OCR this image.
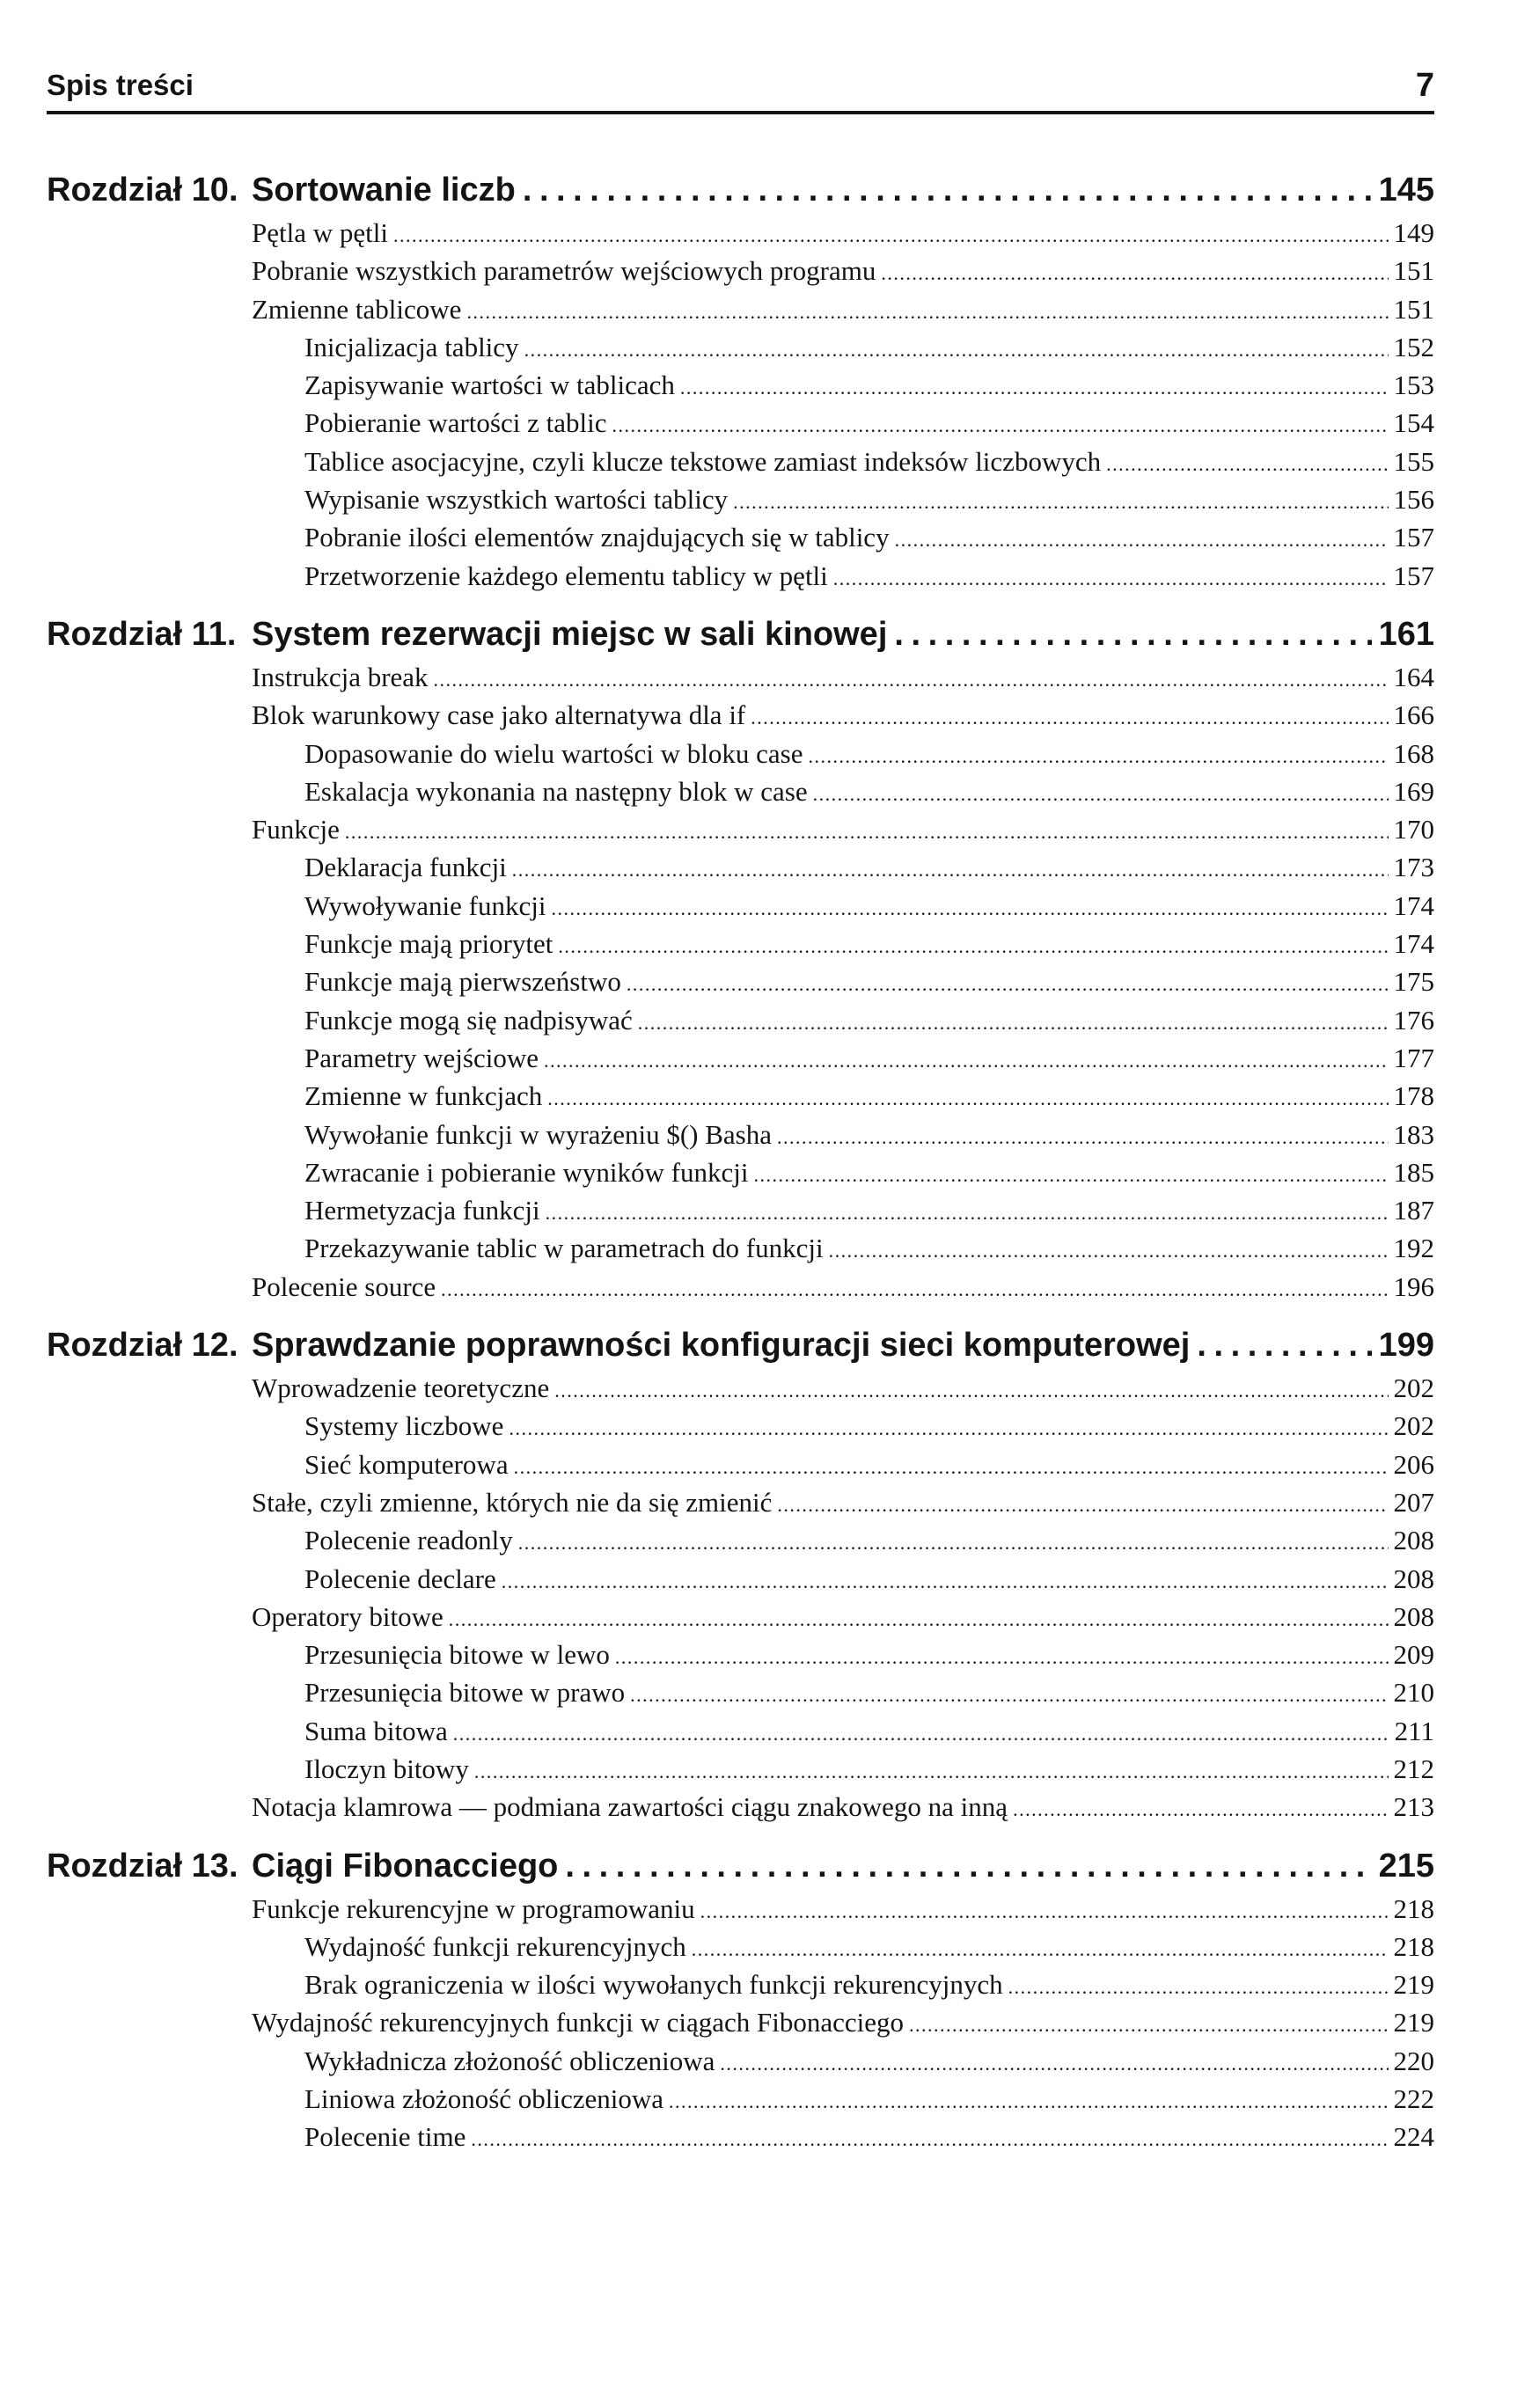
Spis treści	7
Rozdział 10. Sortowanie liczb . . .	145
Pętla w pętli . . .	149
Pobranie wszystkich parametrów wejściowych programu . . .	151
Zmienne tablicowe . . .	151
Inicjalizacja tablicy . . .	152
Zapisywanie wartości w tablicach . . .	153
Pobieranie wartości z tablic . . .	154
Tablice asocjacyjne, czyli klucze tekstowe zamiast indeksów liczbowych . . .	155
Wypisanie wszystkich wartości tablicy . . .	156
Pobranie ilości elementów znajdujących się w tablicy . . .	157
Przetworzenie każdego elementu tablicy w pętli . . .	157
Rozdział 11. System rezerwacji miejsc w sali kinowej . . .	161
Instrukcja break . . .	164
Blok warunkowy case jako alternatywa dla if . . .	166
Dopasowanie do wielu wartości w bloku case . . .	168
Eskalacja wykonania na następny blok w case . . .	169
Funkcje . . .	170
Deklaracja funkcji . . .	173
Wywoływanie funkcji . . .	174
Funkcje mają priorytet . . .	174
Funkcje mają pierwszeństwo . . .	175
Funkcje mogą się nadpisywać . . .	176
Parametry wejściowe . . .	177
Zmienne w funkcjach . . .	178
Wywołanie funkcji w wyrażeniu $() Basha . . .	183
Zwracanie i pobieranie wyników funkcji . . .	185
Hermetyzacja funkcji . . .	187
Przekazywanie tablic w parametrach do funkcji . . .	192
Polecenie source . . .	196
Rozdział 12. Sprawdzanie poprawności konfiguracji sieci komputerowej . . .	199
Wprowadzenie teoretyczne . . .	202
Systemy liczbowe . . .	202
Sieć komputerowa . . .	206
Stałe, czyli zmienne, których nie da się zmienić . . .	207
Polecenie readonly . . .	208
Polecenie declare . . .	208
Operatory bitowe . . .	208
Przesunięcia bitowe w lewo . . .	209
Przesunięcia bitowe w prawo . . .	210
Suma bitowa . . .	211
Iloczyn bitowy . . .	212
Notacja klamrowa — podmiana zawartości ciągu znakowego na inną . . .	213
Rozdział 13. Ciągi Fibonacciego . . .	215
Funkcje rekurencyjne w programowaniu . . .	218
Wydajność funkcji rekurencyjnych . . .	218
Brak ograniczenia w ilości wywołanych funkcji rekurencyjnych . . .	219
Wydajność rekurencyjnych funkcji w ciągach Fibonacciego . . .	219
Wykładnicza złożoność obliczeniowa . . .	220
Liniowa złożoność obliczeniowa . . .	222
Polecenie time . . .	224
